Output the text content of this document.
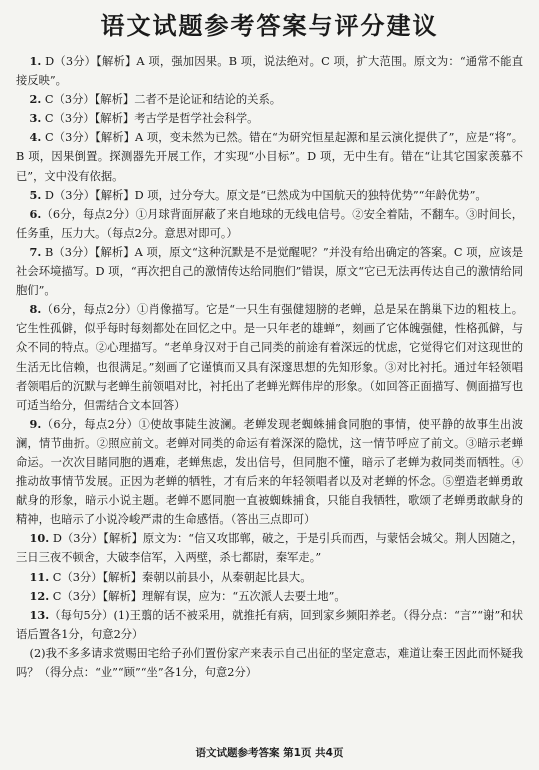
语文试题参考答案与评分建议

1. D（3分）【解析】A 项，强加因果。B 项，说法绝对。C 项，扩大范围。原文为：“通常不能直接反映”。

2. C（3分）【解析】二者不是论证和结论的关系。

3. C（3分）【解析】考古学是哲学社会科学。

4. C（3分）【解析】A 项，变未然为已然。错在“为研究恒星起源和星云演化提供了”，应是“将”。B 项，因果倒置。探测器先开展工作，才实现“小目标”。D 项，无中生有。错在“让其它国家羡慕不已”，文中没有依据。

5. D（3分）【解析】D 项，过分夸大。原文是“已然成为中国航天的独特优势”“年龄优势”。

6.（6分，每点2分）①月球背面屏蔽了来自地球的无线电信号。②安全着陆，不翻车。③时间长，任务重，压力大。（每点2分。意思对即可。）

7. B（3分）【解析】A 项，原文“这种沉默是不是觉醒呢？”并没有给出确定的答案。C 项，应该是社会环境描写。D 项，“再次把自己的激情传达给同胞们”错误，原文“它已无法再传达自己的激情给同胞们”。

8.（6分，每点2分）①肖像描写。它是“一只生有强健翅膀的老蝉，总是呆在鹊巢下边的粗枝上。它生性孤僻，似乎每时每刻都处在回忆之中。是一只年老的雄蝉”，刻画了它体魄强健，性格孤僻，与众不同的特点。②心理描写。“老单身汉对于自己同类的前途有着深远的忧虑，它觉得它们对这现世的生活无比信赖，也很满足。”刻画了它谨慎而又具有深邃思想的先知形象。③对比衬托。通过年轻领唱者领唱后的沉默与老蝉生前领唱对比，衬托出了老蝉光辉伟岸的形象。（如回答正面描写、侧面描写也可适当给分，但需结合文本回答）

9.（6分，每点2分）①使故事陡生波澜。老蝉发现老蜘蛛捕食同胞的事情，使平静的故事生出波澜，情节曲折。②照应前文。老蝉对同类的命运有着深深的隐忧，这一情节呼应了前文。③暗示老蝉命运。一次次目睹同胞的遇难，老蝉焦虑，发出信号，但同胞不懂，暗示了老蝉为救同类而牺牲。④推动故事情节发展。正因为老蝉的牺牲，才有后来的年轻领唱者以及对老蝉的怀念。⑤塑造老蝉勇敢献身的形象，暗示小说主题。老蝉不愿同胞一直被蜘蛛捕食，只能自我牺牲，歌颂了老蝉勇敢献身的精神，也暗示了小说冷峻严肃的生命感悟。（答出三点即可）

10. D（3分）【解析】原文为：“信又攻邯郸，破之，于是引兵而西，与蒙恬会城父。荆人因随之，三日三夜不顿舍，大破李信军，入两壁，杀七都尉，秦军走。”

11. C（3分）【解析】秦朝以前县小，从秦朝起比县大。

12. C（3分）【解析】理解有误，应为：“五次派人去要土地”。

13.（每句5分）(1)王翦的话不被采用，就推托有病，回到家乡频阳养老。（得分点：“言”“谢”和状语后置各1分，句意2分）

(2)我不多多请求赏赐田宅给子孙们置份家产来表示自己出征的坚定意志，难道让秦王因此而怀疑我吗？（得分点：“业”“顾”“坐”各1分，句意2分）

语文试题参考答案 第1页 共4页
